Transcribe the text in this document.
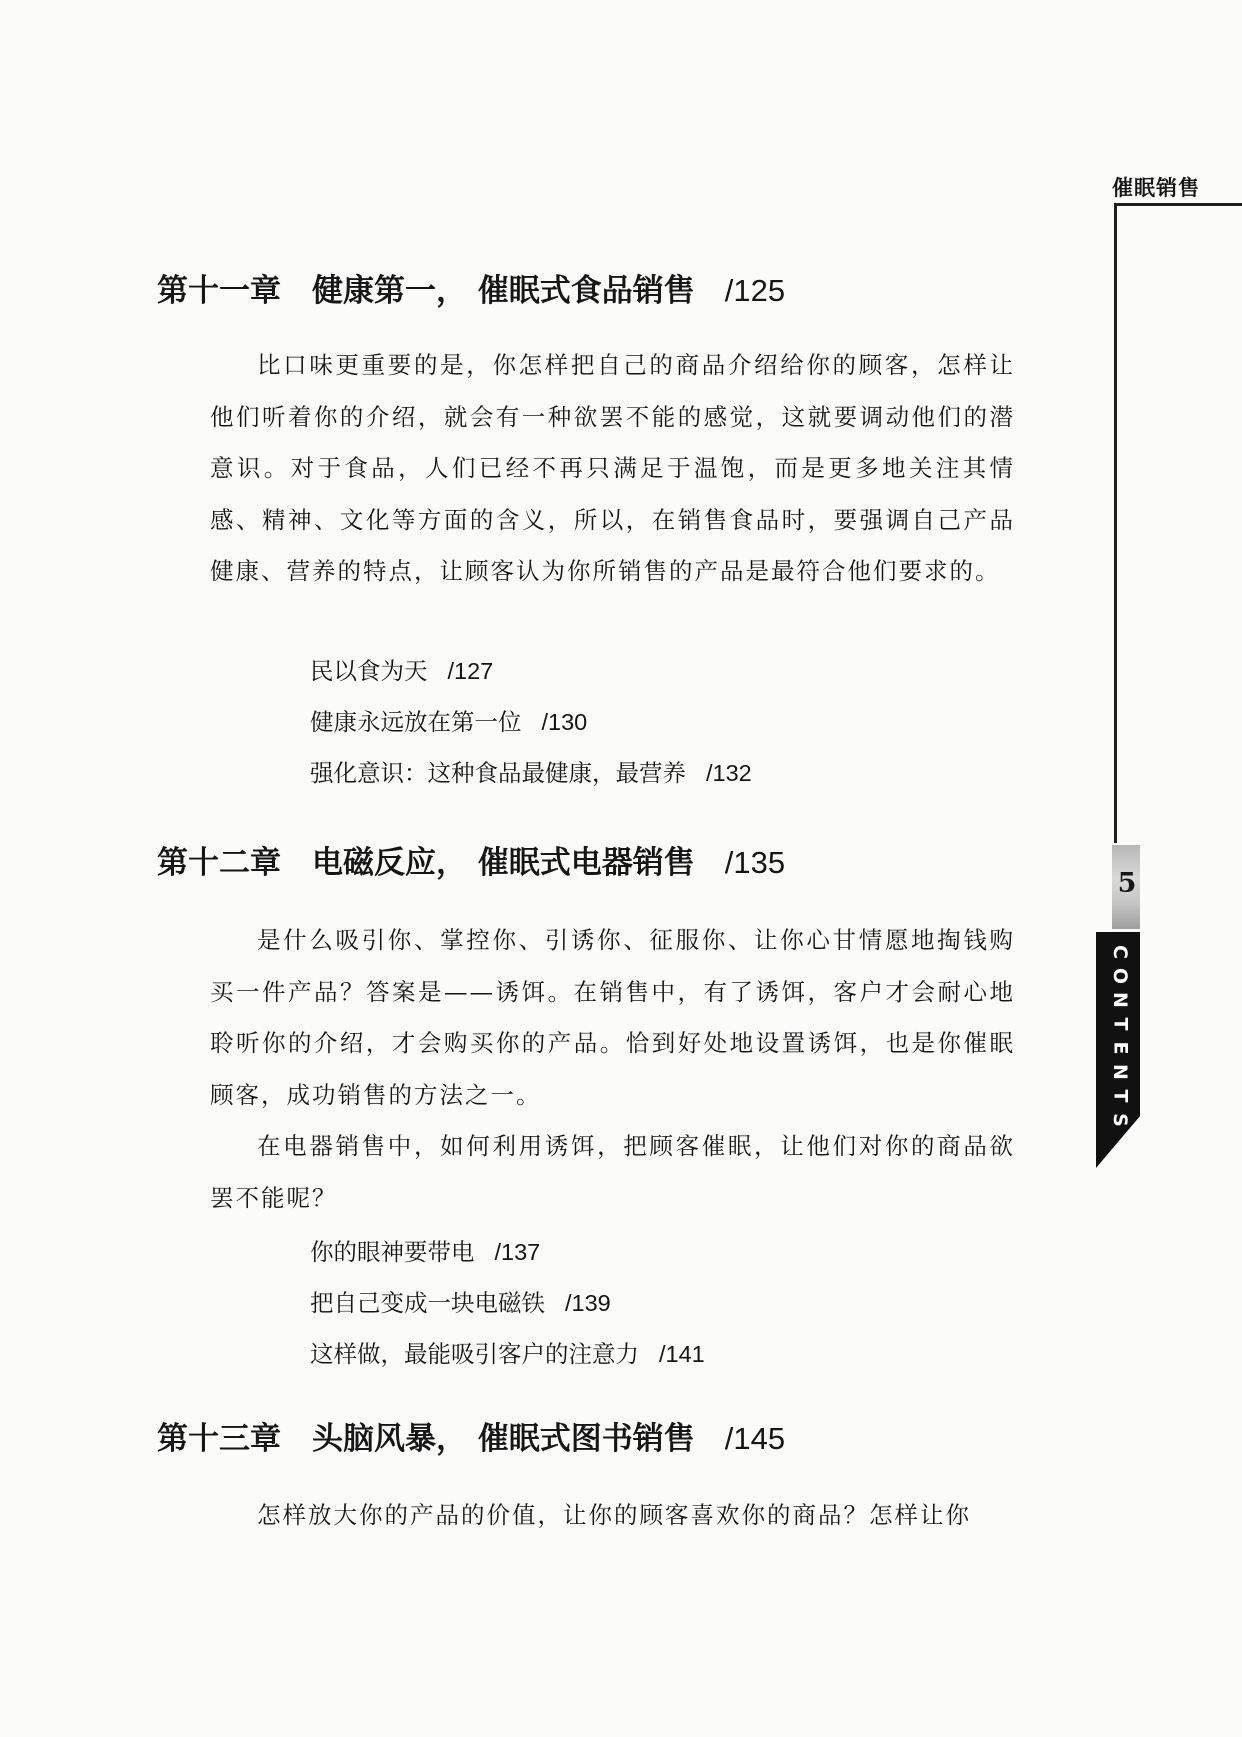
催眠销售
5
C
O
N
T
E
N
T
S
第十一章 健康第一， 催眠式食品销售 /125
比口味更重要的是，你怎样把自己的商品介绍给你的顾客，怎样让他们听着你的介绍，就会有一种欲罢不能的感觉，这就要调动他们的潜意识。对于食品，人们已经不再只满足于温饱，而是更多地关注其情感、精神、文化等方面的含义，所以，在销售食品时，要强调自己产品健康、营养的特点，让顾客认为你所销售的产品是最符合他们要求的。
民以食为天 /127
健康永远放在第一位 /130
强化意识：这种食品最健康，最营养 /132
第十二章 电磁反应， 催眠式电器销售 /135
是什么吸引你、掌控你、引诱你、征服你、让你心甘情愿地掏钱购买一件产品？答案是——诱饵。在销售中，有了诱饵，客户才会耐心地聆听你的介绍，才会购买你的产品。恰到好处地设置诱饵，也是你催眠顾客，成功销售的方法之一。
在电器销售中，如何利用诱饵，把顾客催眠，让他们对你的商品欲罢不能呢？
你的眼神要带电 /137
把自己变成一块电磁铁 /139
这样做，最能吸引客户的注意力 /141
第十三章 头脑风暴， 催眠式图书销售 /145
怎样放大你的产品的价值，让你的顾客喜欢你的商品？怎样让你
